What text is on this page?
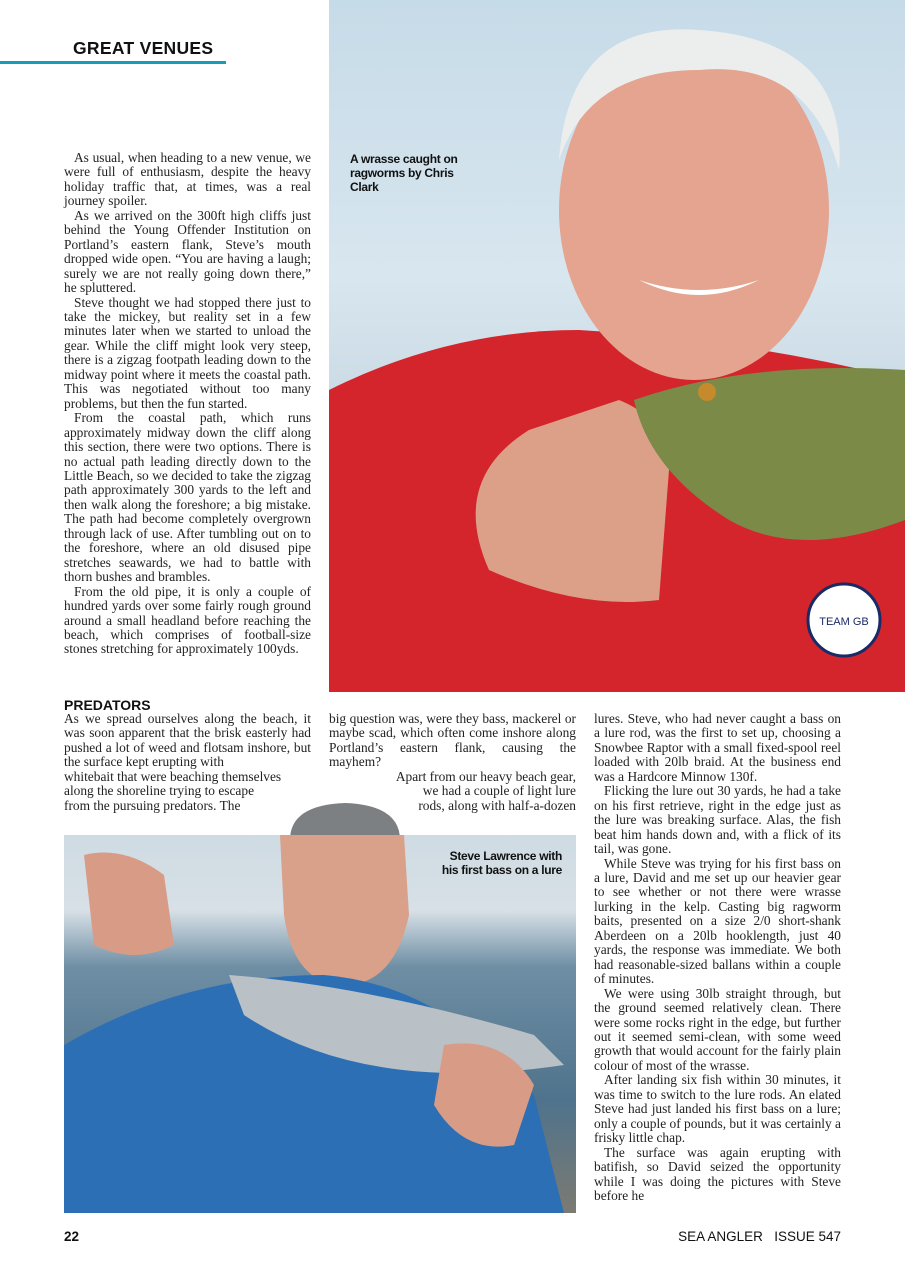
GREAT VENUES
TEAM GB
A wrasse caught on ragworms by Chris Clark

As usual, when heading to a new venue, we were full of enthusiasm, despite the heavy holiday traffic that, at times, was a real journey spoiler.

As we arrived on the 300ft high cliffs just behind the Young Offender Institution on Portland’s eastern flank, Steve’s mouth dropped wide open. “You are having a laugh; surely we are not really going down there,” he spluttered.

Steve thought we had stopped there just to take the mickey, but reality set in a few minutes later when we started to unload the gear. While the cliff might look very steep, there is a zigzag footpath leading down to the midway point where it meets the coastal path. This was negotiated without too many problems, but then the fun started.

From the coastal path, which runs approximately midway down the cliff along this section, there were two options. There is no actual path leading directly down to the Little Beach, so we decided to take the zigzag path approximately 300 yards to the left and then walk along the foreshore; a big mistake. The path had become completely overgrown through lack of use. After tumbling out on to the foreshore, where an old disused pipe stretches seawards, we had to battle with thorn bushes and brambles.

From the old pipe, it is only a couple of hundred yards over some fairly rough ground around a small headland before reaching the beach, which comprises of football-size stones stretching for approximately 100yds.

PREDATORS

As we spread ourselves along the beach, it was soon apparent that the brisk easterly had pushed a lot of weed and flotsam inshore, but the surface kept erupting with

whitebait that were beaching themselves
along the shoreline trying to escape
from the pursuing predators. The

big question was, were they bass, mackerel or maybe scad, which often come inshore along Portland’s eastern flank, causing the mayhem?

Apart from our heavy beach gear,
we had a couple of light lure
rods, along with half-a-dozen

lures. Steve, who had never caught a bass on a lure rod, was the first to set up, choosing a Snowbee Raptor with a small fixed-spool reel loaded with 20lb braid. At the business end was a Hardcore Minnow 130f.

Flicking the lure out 30 yards, he had a take on his first retrieve, right in the edge just as the lure was breaking surface. Alas, the fish beat him hands down and, with a flick of its tail, was gone.

While Steve was trying for his first bass on a lure, David and me set up our heavier gear to see whether or not there were wrasse lurking in the kelp. Casting big ragworm baits, presented on a size 2/0 short-shank Aberdeen on a 20lb hooklength, just 40 yards, the response was immediate. We both had reasonable-sized ballans within a couple of minutes.

We were using 30lb straight through, but the ground seemed relatively clean. There were some rocks right in the edge, but further out it seemed semi-clean, with some weed growth that would account for the fairly plain colour of most of the wrasse.

After landing six fish within 30 minutes, it was time to switch to the lure rods. An elated Steve had just landed his first bass on a lure; only a couple of pounds, but it was certainly a frisky little chap.

The surface was again erupting with batifish, so David seized the opportunity while I was doing the pictures with Steve before he

Steve Lawrence with his first bass on a lure
22	SEA ANGLER ISSUE 547
